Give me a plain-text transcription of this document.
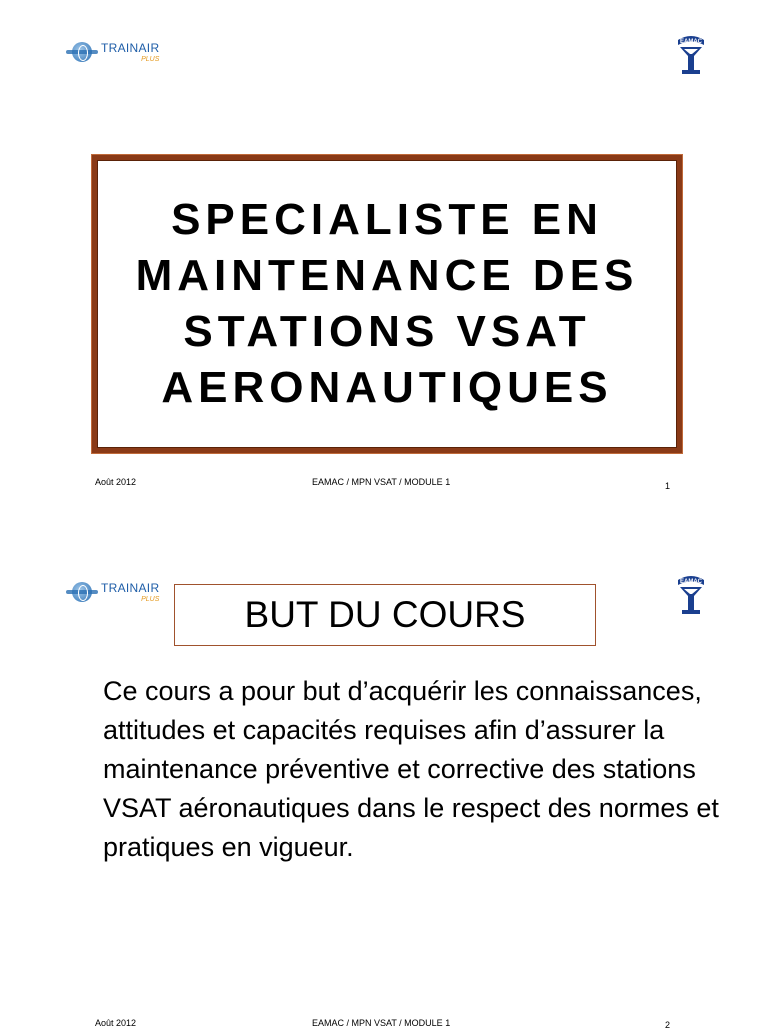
TRAINAIR
PLUS
EAMAC
SPECIALISTE EN MAINTENANCE DES STATIONS VSAT AERONAUTIQUES
Août 2012	EAMAC / MPN VSAT / MODULE 1	1
TRAINAIR
PLUS
EAMAC
BUT DU COURS
Ce cours a pour but d’acquérir les connaissances, attitudes et capacités requises afin d’assurer la maintenance préventive et corrective des stations VSAT aéronautiques dans le respect des normes et pratiques en vigueur.
Août 2012	EAMAC / MPN VSAT / MODULE 1	2
